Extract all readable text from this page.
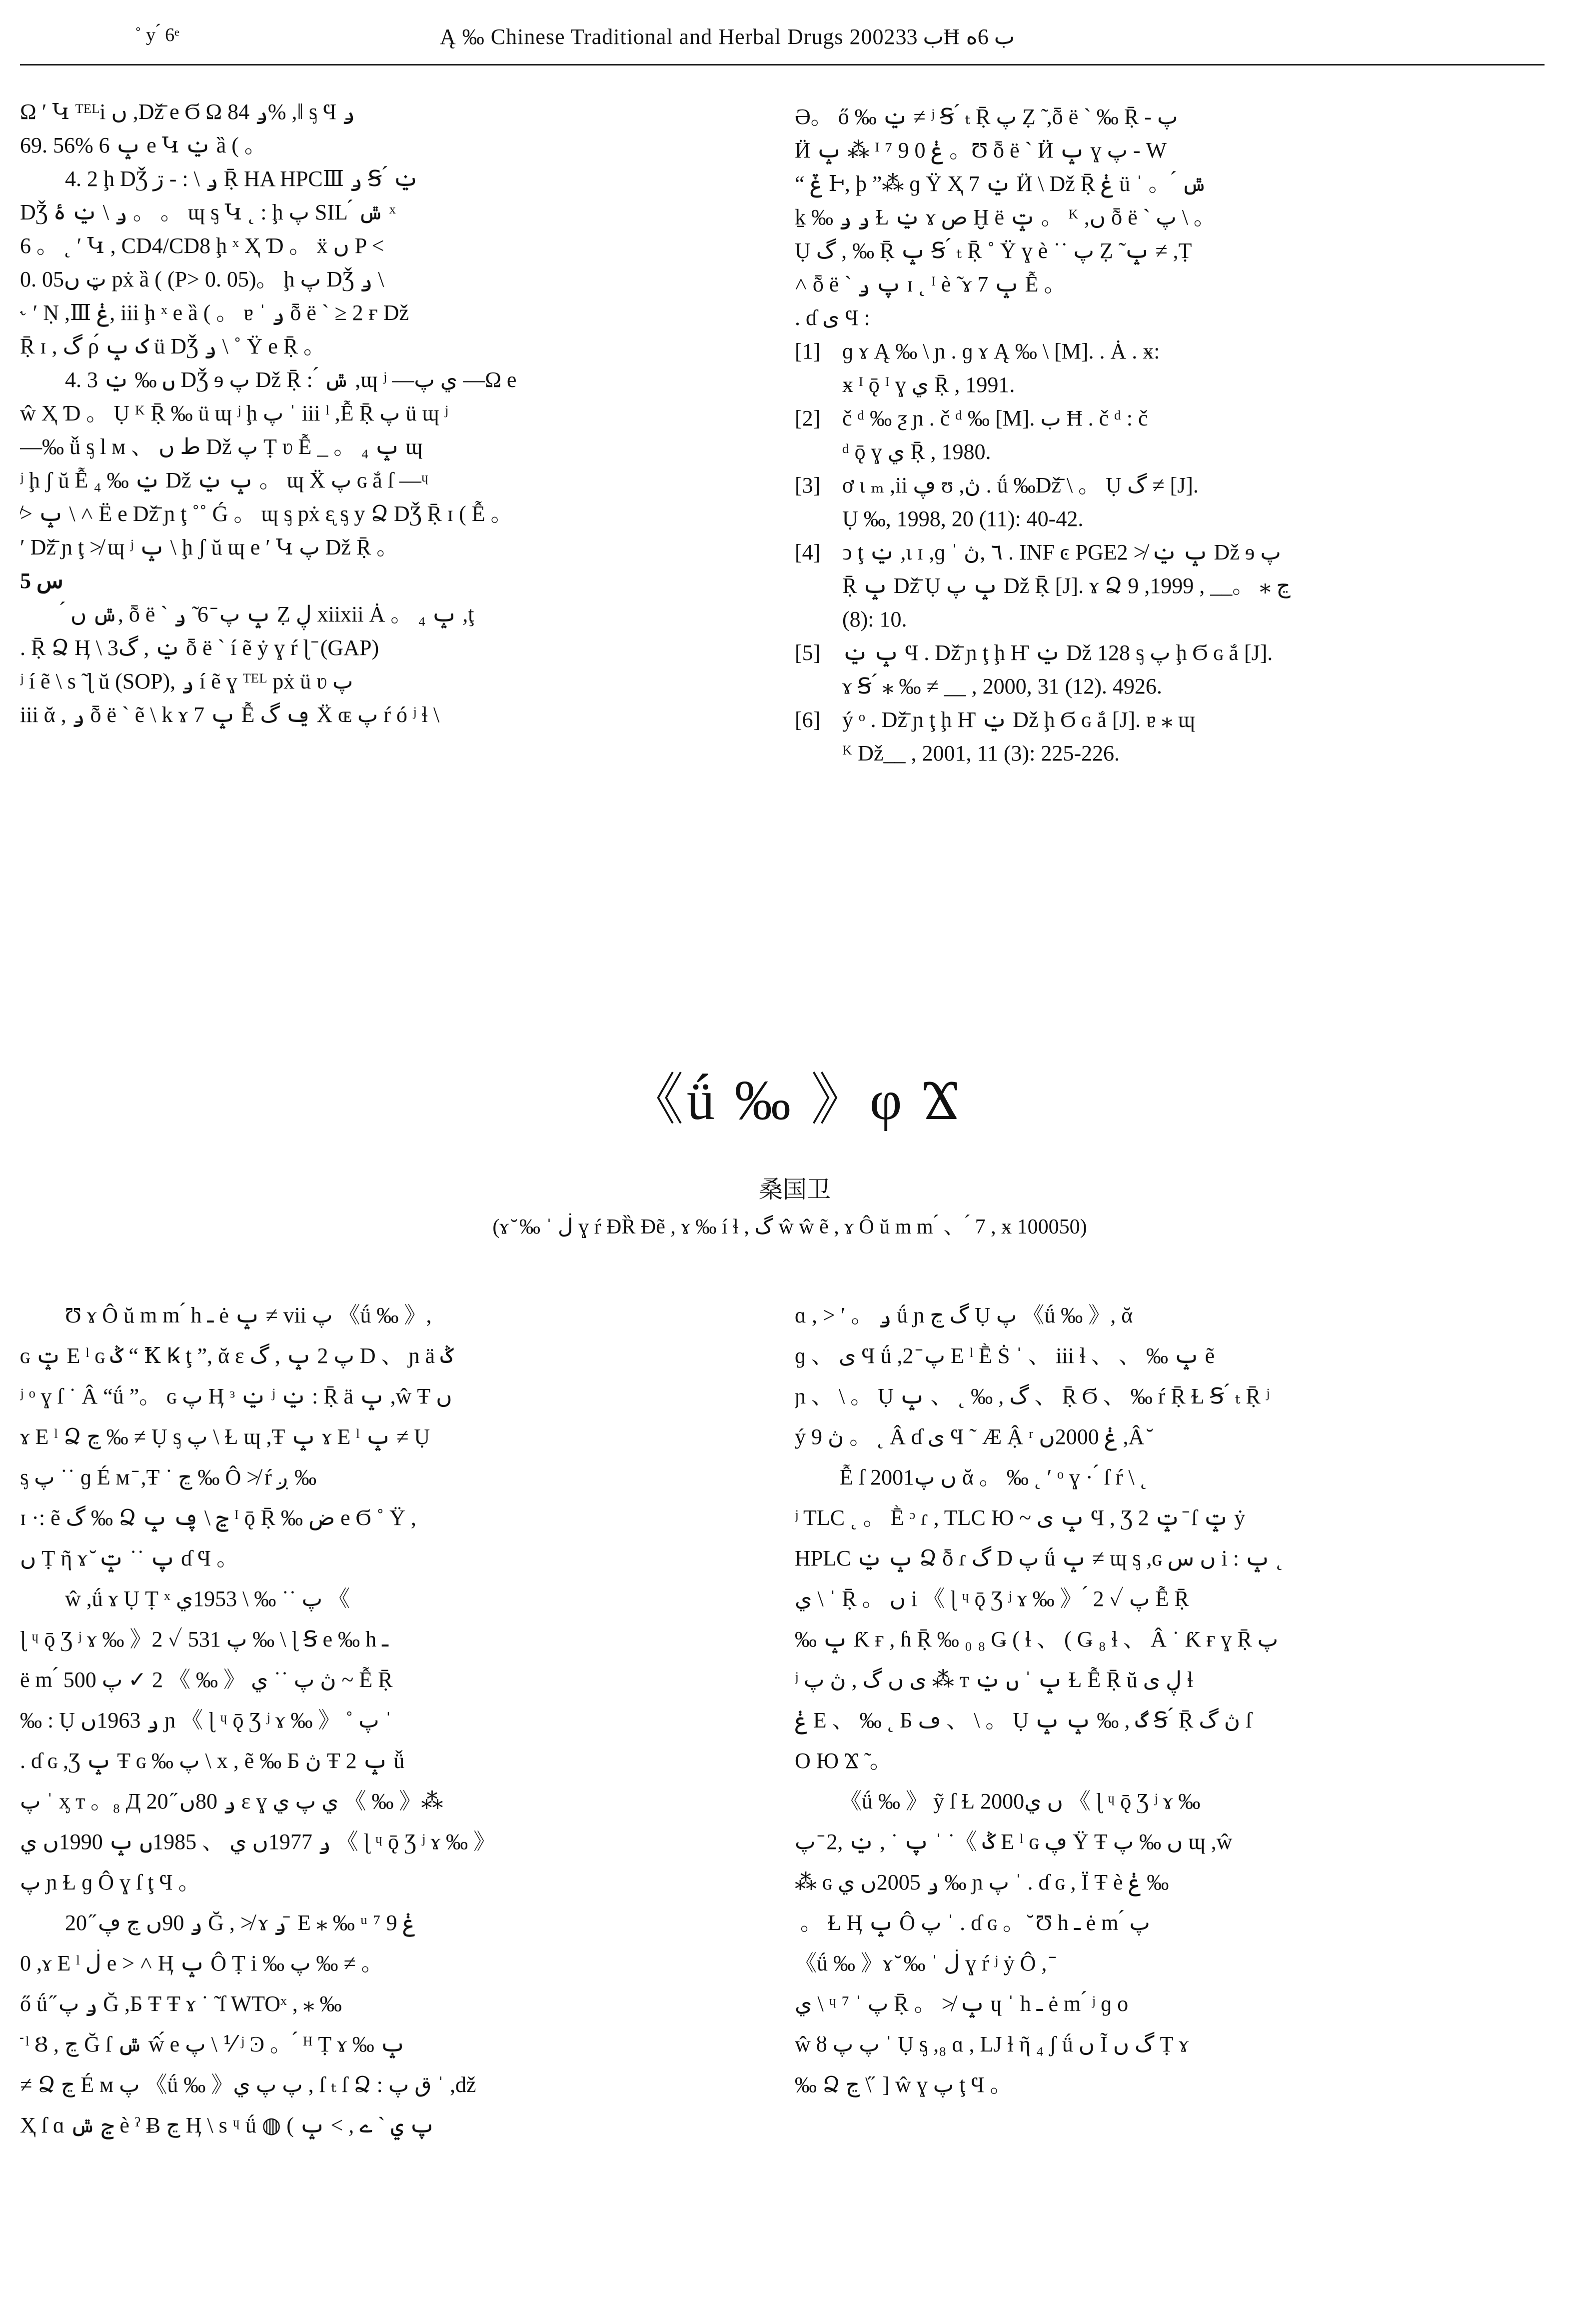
˚ y ́ 6ᵉ	Ą ‰ Chinese Traditional and Herbal Drugs 2002ب 33Ħ ب 6ه

Ω ′ Կ ᵀᴱᴸi ں ,Dž̄ e Ϭ Ω ݛ 84% ,‖ ᶊ Ϥ ݛ

69. 56% ݒ 6 e Կ ݔ ȁ ( 。

4. 2 ḩ DǮ ݛ \ : - ڗ Ṝ HA HPCⅢ ݛ Ꞩ ́ ݔ

DǮ ݛ \ ݔ ۂ 。 。 ɰ ᶊ Կ ˛ : ḩ پ SIL ́ ݜ ˣ

6 。 ˛ ′ Կ , CD4/CD8 ḩ ˣ Ҳ Ɗ 。 ẍ ں P <

0. 05ټ ں pẋ ȁ ( (P> 0. 05)。 ḩ پ DǮ ݛ \

˞ ′ Ṇ ,Ⅲ ݟ, iii ḩ ˣ e ȁ ( 。 ɐ ˈ ݛ ȭ ë ` ≥ 2 ғ Dž

Ṝ ɪ , گ ρ́ ک ݒ ü DǮ ݛ \ ˚ Ÿ e Ṝ 。

4. 3 ں ‰ ݔ DǮ ɘ پ Dž Ṝ : ́ ݜ ,ɰ ʲ —ي پ —Ω e

ŵ Ҳ Ɗ 。 Ụ ᴷ Ṝ ‰ ü ɰ ʲ ḩ پ ˈ iii ˡ ,Ễ Ṝ پ ü ɰ ʲ

—‰ ǚ ᶊ l ᴍ 、 ط ں Dž پ Ṭ ʋ Ễ _ 。 ₄ ݒ ɰ

ʲ ḩ ʃ ŭ Ễ ₄ ‰ ݔ Dž ݒ ݔ 。 ɰ Ẍ پ ɢ ắ ſ —ᶣ

≯ ݒ \ ˄ Ё e Dž̄ ɲ ţ ˚˚ Ǵ 。 ɰ ᶊ pẋ ᶓ ᶊ y Ձ DǮ Ṝ ɪ ( Ễ 。

′ Dž̄ ɲ ţ ≯ ɰ ʲ ݒ \ ḩ ʃ ŭ ɰ e ′ Կ پ Dž Ṝ 。

5 س

́ ݜ ں, ȭ ë ` ݒ پ ̄ 6 ̃ ݛ Ẓ ڸ xiixii Ȧ 。 ₄ ݒ ,ţ

. Ṝ Ձ Ӊ \ 3ݔ , گ ȭ ë ` í ẽ ẏ ɣ ŕ ɭ ̄ (GAP)

ʲ í ẽ \ s ̃ ɭ ŭ (SOP), ݛ í ẽ ɣ ᵀᴱᴸ pẋ ü ʋ پ

iii ᾰ , ݛ ȭ ë ` ẽ \ k ɤ ݒ 7 Ễ ݠ گ Ẍ ɶ پ ŕ ó ʲ ɬ \

Ә。 ő ‰ ݔ ≠ ʲ Ꞩ ́ ₜ Ṝ پ Ẓ ̃ ,ȭ ë ` ‰ Ṝ - پ

Ӥ ݒ ⁂ ᴵ ⁷ 9 ݟ 0 。Ʊ ȭ ë ` Ӥ ݒ ɣ پ - W

“ ݞ Ͱ, þ ”⁂ ɡ Ÿ Ҳ 7 ݔ Ӥ \ Dž Ṝ ݟ ü ˈ 。 ́ ݜ

ḵ ‰ ݛ ݛ Ɫ ݔ ɤ ص Ḫ ë ݓ 。 ᴷ ,ں ȭ ë ` پ \ 。

Ụ گ , ‰ Ṝ ݒ Ꞩ ́ ₜ Ṝ ˚ Ÿ ɣ è ˙˙ پ Ẓ ̃ ݒ ≠ ,Ṭ

˄ ȭ ë ` پ ݛ ɪ ˛ ᴵ è ̃ ɤ ݒ 7 Ễ 。

. ɗ ى Ϥ :

[1] ɡ ɤ Ą ‰ \ ɲ . ɡ ɤ Ą ‰ \ [M]. . Ȧ . ӿ:

ӿ ᴵ ǭ ᴵ ɣ ي Ṝ , 1991.

[2] č ᵈ ‰ ƺ ɲ . č ᵈ ‰ [M]. ب Ħ . č ᵈ : č

ᵈ ǭ ɣ ي Ṝ , 1980.

[3] ơ ɩ ₘ ,ii ڥ ʊ ,ڽ . ǘ ‰Dž̄ \ 。 Ụ گ ≠ [J].

Ụ ‰, 1998, 20 (11): 40-42.

[4] ↄ ţ ݔ ,ι ɪ ,ɡ ˈ ٦ ,ڽ . INF ͼ PGE2 ≯ ݒ ݔ Dž ɘ پ

Ṝ ݒ Dž̄ Ụ ݒ پ Dž Ṝ [J]. ɤ Ձ ڃ ⁎ 。__ , 1999, 9

(8): 10.

[5] ݒ ݔ Ϥ . Dž̄ ɲ ţ ḩ Ҥ ݔ Dž 128 ᶊ پ ḩ Ϭ ɢ ắ [J].

ɤ Ꞩ ́ ⁎ ‰ ≠ __ , 2000, 31 (12). 4926.

[6] ý ᵒ . Dž̄ ɲ ţ ḩ Ҥ ݔ Dž ḩ Ϭ ɢ ắ [J]. ɐ ⁎ ɰ

ᴷ Dž__ , 2001, 11 (3): 225-226.

《ǘ ‰ 》φ Ϫ
桑国卫
(ɤ ̆ ‰ ˈ ڶ ɣ ŕ ƉȐ Ɖẽ , ɤ ‰ í ɬ , گ ŵ ŵ ẽ , ɤ Ô ŭ m m ́ 、 ́ 7 , ӿ 100050)

Ʊ ɤ Ô ŭ m m ́ h ـ ė ݒ ≠ vii پ 《ǘ ‰ 》,

ɢ ݓ E ˡ ɢ ݣ “ Ꝁ Ꝃ ţ ”, ᾰ ɛ پ 2 ݒ , گ D 、 ɲ ä ݣ

ʲ ᵒ ɣ ſ ˙ Â “ǘ ”。 ɢ پ Ӊ ᶟ ݔ ʲ ݔ : Ṝ ä ݒ ,ŵ Ŧ ں

ɤ E ˡ Ձ ڃ ‰ ≠ Ụ ᶊ پ \ Ɫ ɰ ,Ŧ ݒ ɤ E ˡ ݒ ≠ Ụ

ᶊ پ ˙˙ ɡ É ᴍ ̄ ,Ŧ ˙ ڃ ‰ Ô ≯ ŕ ږ ‰

ɪ ·: ẽ گ ‰ Ձ ڃ \ ڥ ݒ ᴵ ǭ Ṝ ‰ ض e Ϭ ˚ Ÿ ,

ں Ṭ ῆ ɤ ̆ پ ˙˙ ݓ ɗ Ϥ 。

ŵ ,ǘ ɤ Ụ Ṭ ˣ پ ˙˙ ‰ \ 1953ي 《

ɭ ᶣ ǭ Ʒ ʲ ɤ ‰ 》2 ✓ پ 531 ‰ \ ɭ Ꞩ e ‰ h ـ

ë m ́ ڽ پ ˙˙ ي 《 ‰ 》 2 ✓ پ 500 ~ Ễ Ṝ

‰ : Ụ ݛ 1963ں ɲ 《 ɭ ᶣ ǭ Ʒ ʲ ɤ ‰ 》 ˚ پ ˈ

. ɗ ɢ ,Ʒ ݒ Ŧ ɢ ‰ پ \ x , ẽ ‰ Ƃ ڽ Ŧ ݒ 2 ǚ

پ ˈ ᶍ ᴛ 。₈ Д 20 ̋ ݛ 80ں ɛ ɣ ي پ ي 《 ‰ 》⁂

ݛ 1977ں ي 、 1985ں ݒ 1990ں ي 《 ɭ ᶣ ǭ Ʒ ʲ ɤ ‰ 》

پ ɲ Ɫ ɡ Ô ɣ ſ ţ Ϥ 。

20 ̋ ݛ 90ں ڃ ڥ Ğ , ≯ ɤ ݛ ̄ E ⁎ ‰ ᵘ ⁷ 9 ݟ

0 ,ɤ E ˡ ڶ e > ˄ Ӊ ݒ Ô Ṭ i ‰ پ ‰ ≠ 。

ő ǘ ̋ ݛ پ Ğ ,Ƃ Ŧ Ŧ ɤ ˙ ̃ ſ WTOˣ , ⁎ ‰

̄ ˡ Ȣ , ڃ Ğ ſ ݜ ŵ́ e پ \ ⅟ ʲ Ͽ 。 ́ ᴴ Ṭ ɤ ‰ ݒ

≠ Ձ ڃ É ᴍ پ 《ǘ ‰ 》پ پ ي , ſ ₜ ſ Ձ : ق پ ˈ ,dž

Ҳ ſ ɑ ڃ ݜ è ˀ Ƀ ڃ Ӊ \ s ᶣ ǘ ◍ ( پ ي ` ے , > ݒ

ɑ , > ′ 。 ݛ ǘ ɲ گ ڃ Ụ پ 《ǘ ‰ 》, ᾰ

ɡ 、 ى Ϥ ǘ ,2 ̄ پ E ˡ Ḕ Ṡ ˈ 、 iii ɬ 、 、 ‰ ݒ ẽ

ɲ 、 \ 。 Ụ گ , ‰ ˛ 、 ݒ 、 Ṝ Ϭ 、 ‰ ŕ Ṝ Ɫ Ꞩ ́ ₜ Ṝ ʲ

ý ڽ 9 。 ˛ Â ɗ ى Ϥ ˜ Æ Ậ ʳ ݟ 2000ں ,Â ̆

Ễ ſ 2001ں پ ᾰ 。 ‰ ˛ ′ ᵒ ɣ · ́ ſ ŕ \ ˛

ʲ TLC ˛ 。 Ḕ ᵓ ɾ , TLC Ю ~ ݒ ى Ϥ , Ʒ ݓ 2 ̄ ſ ݓ ẏ

HPLC ݒ ݔ Ձ ȭ ɾ گ D پ ǘ ݒ ≠ ɰ ᶊ ,ɢ ں س i : ݒ ˛

ي \ ˈ Ṝ 。 ں i 《 ɭ ᶣ ǭ Ʒ ʲ ɤ ‰ 》 ́ 2 ✓ پ Ễ Ṝ

‰ ݒ Ƙ ғ , ɦ Ṝ ‰ ₀ ₈ Ǥ ( ɬ 、 ( Ǥ ₈ ɬ 、 Â ˙ Ƙ ғ ɣ Ṝ پ

ʲ ی ں گ , ڽ پ ⁂ ᴛ ݒ ˈ ں ݔ Ɫ Ễ Ṝ ŭ ڸ ی ɬ

ݟ E 、 ‰ ˛ Ƃ ڡ 、 \ 。 Ụ گ , ‰ ݒ ݒ Ꞩ ́ Ṝ ڽ گ ſ

O Ю Ϫ ̃ 。

《ǘ ‰ 》 ỹ ſ Ɫ 2000ں ي 《 ɭ ᶣ ǭ Ʒ ʲ ɤ ‰

ݣ 》˙ ˈ پ ˙ , ݔ ,2 ̄ پ E ˡ ɢ ڥ Ÿ Ŧ ں ‰ پ ɰ ,ŵ

⁂ ɢ ݛ 2005ں ي ‰ ɲ پ ˈ . ɗ ɢ , Ϊ Ŧ è ݟ ‰

́ 。 Ɫ Ӊ ݒ Ô پ ˈ . ɗ ɢ 。 ̆ Ʊ h ـ ė m ́ پ

《ǘ ‰ 》ɤ ̆ ‰ ˈ ڶ ɣ ŕ ʲ ẏ Ô , ̄

ي \ ᶣ ⁷ ˈ پ Ṝ 。 ≯ ݒ ɥ ˈ h ـ ė m ́ ʲ ɡ o

ŵ ȣ پ پ ˈ Ụ ᶊ ,₈ ɑ , LJ ɫ ῆ ₄ ʃ ǘ ں Ĩ گ ں Ṭ ɤ

‰ Ձ ڃ \ ̋ ] ŵ ɣ پ ţ Ϥ 。
